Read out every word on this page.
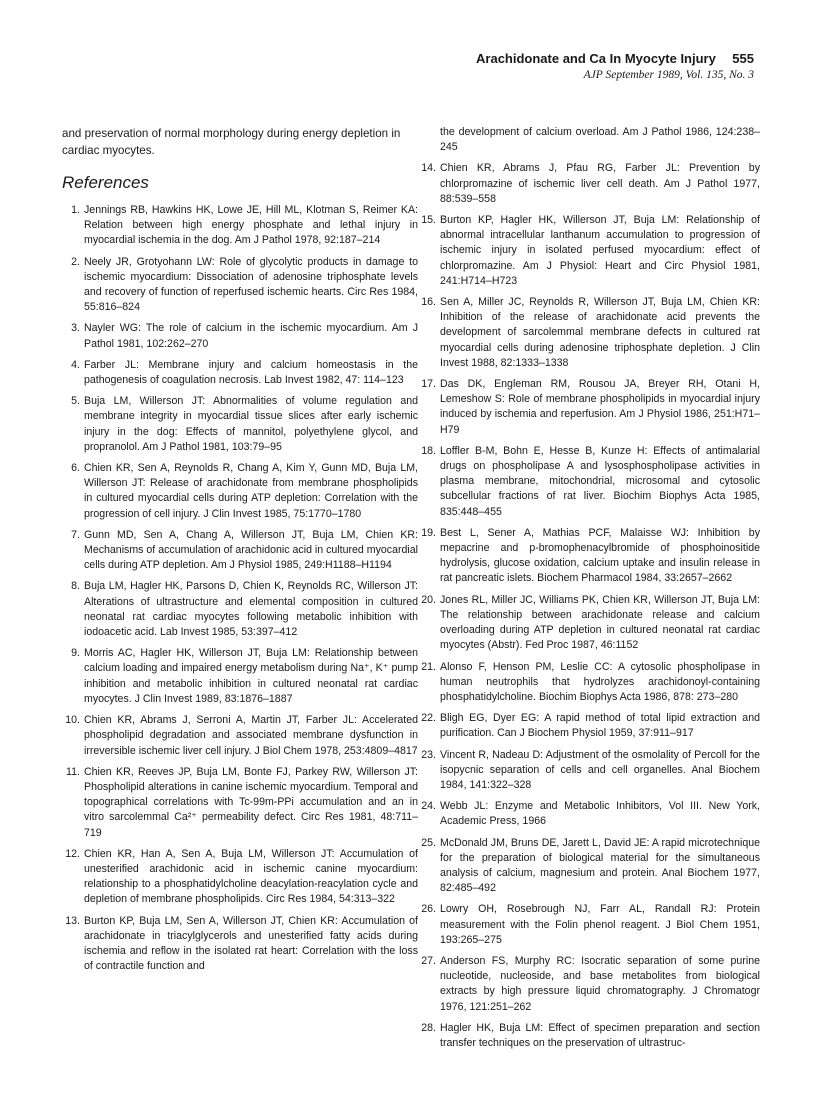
Arachidonate and Ca In Myocyte Injury 555
AJP September 1989, Vol. 135, No. 3

and preservation of normal morphology during energy depletion in cardiac myocytes.

References
1. Jennings RB, Hawkins HK, Lowe JE, Hill ML, Klotman S, Reimer KA: Relation between high energy phosphate and lethal injury in myocardial ischemia in the dog. Am J Pathol 1978, 92:187–214
2. Neely JR, Grotyohann LW: Role of glycolytic products in damage to ischemic myocardium: Dissociation of adenosine triphosphate levels and recovery of function of reperfused ischemic hearts. Circ Res 1984, 55:816–824
3. Nayler WG: The role of calcium in the ischemic myocardium. Am J Pathol 1981, 102:262–270
4. Farber JL: Membrane injury and calcium homeostasis in the pathogenesis of coagulation necrosis. Lab Invest 1982, 47: 114–123
5. Buja LM, Willerson JT: Abnormalities of volume regulation and membrane integrity in myocardial tissue slices after early ischemic injury in the dog: Effects of mannitol, polyethylene glycol, and propranolol. Am J Pathol 1981, 103:79–95
6. Chien KR, Sen A, Reynolds R, Chang A, Kim Y, Gunn MD, Buja LM, Willerson JT: Release of arachidonate from membrane phospholipids in cultured myocardial cells during ATP depletion: Correlation with the progression of cell injury. J Clin Invest 1985, 75:1770–1780
7. Gunn MD, Sen A, Chang A, Willerson JT, Buja LM, Chien KR: Mechanisms of accumulation of arachidonic acid in cultured myocardial cells during ATP depletion. Am J Physiol 1985, 249:H1188–H1194
8. Buja LM, Hagler HK, Parsons D, Chien K, Reynolds RC, Willerson JT: Alterations of ultrastructure and elemental composition in cultured neonatal rat cardiac myocytes following metabolic inhibition with iodoacetic acid. Lab Invest 1985, 53:397–412
9. Morris AC, Hagler HK, Willerson JT, Buja LM: Relationship between calcium loading and impaired energy metabolism during Na⁺, K⁺ pump inhibition and metabolic inhibition in cultured neonatal rat cardiac myocytes. J Clin Invest 1989, 83:1876–1887
10. Chien KR, Abrams J, Serroni A, Martin JT, Farber JL: Accelerated phospholipid degradation and associated membrane dysfunction in irreversible ischemic liver cell injury. J Biol Chem 1978, 253:4809–4817
11. Chien KR, Reeves JP, Buja LM, Bonte FJ, Parkey RW, Willerson JT: Phospholipid alterations in canine ischemic myocardium. Temporal and topographical correlations with Tc-99m-PPi accumulation and an in vitro sarcolemmal Ca²⁺ permeability defect. Circ Res 1981, 48:711–719
12. Chien KR, Han A, Sen A, Buja LM, Willerson JT: Accumulation of unesterified arachidonic acid in ischemic canine myocardium: relationship to a phosphatidylcholine deacylation-reacylation cycle and depletion of membrane phospholipids. Circ Res 1984, 54:313–322
13. Burton KP, Buja LM, Sen A, Willerson JT, Chien KR: Accumulation of arachidonate in triacylglycerols and unesterified fatty acids during ischemia and reflow in the isolated rat heart: Correlation with the loss of contractile function and

the development of calcium overload. Am J Pathol 1986, 124:238–245

14. Chien KR, Abrams J, Pfau RG, Farber JL: Prevention by chlorpromazine of ischemic liver cell death. Am J Pathol 1977, 88:539–558
15. Burton KP, Hagler HK, Willerson JT, Buja LM: Relationship of abnormal intracellular lanthanum accumulation to progression of ischemic injury in isolated perfused myocardium: effect of chlorpromazine. Am J Physiol: Heart and Circ Physiol 1981, 241:H714–H723
16. Sen A, Miller JC, Reynolds R, Willerson JT, Buja LM, Chien KR: Inhibition of the release of arachidonate acid prevents the development of sarcolemmal membrane defects in cultured rat myocardial cells during adenosine triphosphate depletion. J Clin Invest 1988, 82:1333–1338
17. Das DK, Engleman RM, Rousou JA, Breyer RH, Otani H, Lemeshow S: Role of membrane phospholipids in myocardial injury induced by ischemia and reperfusion. Am J Physiol 1986, 251:H71–H79
18. Loffler B-M, Bohn E, Hesse B, Kunze H: Effects of antimalarial drugs on phospholipase A and lysosphospholipase activities in plasma membrane, mitochondrial, microsomal and cytosolic subcellular fractions of rat liver. Biochim Biophys Acta 1985, 835:448–455
19. Best L, Sener A, Mathias PCF, Malaisse WJ: Inhibition by mepacrine and p-bromophenacylbromide of phosphoinositide hydrolysis, glucose oxidation, calcium uptake and insulin release in rat pancreatic islets. Biochem Pharmacol 1984, 33:2657–2662
20. Jones RL, Miller JC, Williams PK, Chien KR, Willerson JT, Buja LM: The relationship between arachidonate release and calcium overloading during ATP depletion in cultured neonatal rat cardiac myocytes (Abstr). Fed Proc 1987, 46:1152
21. Alonso F, Henson PM, Leslie CC: A cytosolic phospholipase in human neutrophils that hydrolyzes arachidonoyl-containing phosphatidylcholine. Biochim Biophys Acta 1986, 878: 273–280
22. Bligh EG, Dyer EG: A rapid method of total lipid extraction and purification. Can J Biochem Physiol 1959, 37:911–917
23. Vincent R, Nadeau D: Adjustment of the osmolality of Percoll for the isopycnic separation of cells and cell organelles. Anal Biochem 1984, 141:322–328
24. Webb JL: Enzyme and Metabolic Inhibitors, Vol III. New York, Academic Press, 1966
25. McDonald JM, Bruns DE, Jarett L, David JE: A rapid microtechnique for the preparation of biological material for the simultaneous analysis of calcium, magnesium and protein. Anal Biochem 1977, 82:485–492
26. Lowry OH, Rosebrough NJ, Farr AL, Randall RJ: Protein measurement with the Folin phenol reagent. J Biol Chem 1951, 193:265–275
27. Anderson FS, Murphy RC: Isocratic separation of some purine nucleotide, nucleoside, and base metabolites from biological extracts by high pressure liquid chromatography. J Chromatogr 1976, 121:251–262
28. Hagler HK, Buja LM: Effect of specimen preparation and section transfer techniques on the preservation of ultrastruc-
